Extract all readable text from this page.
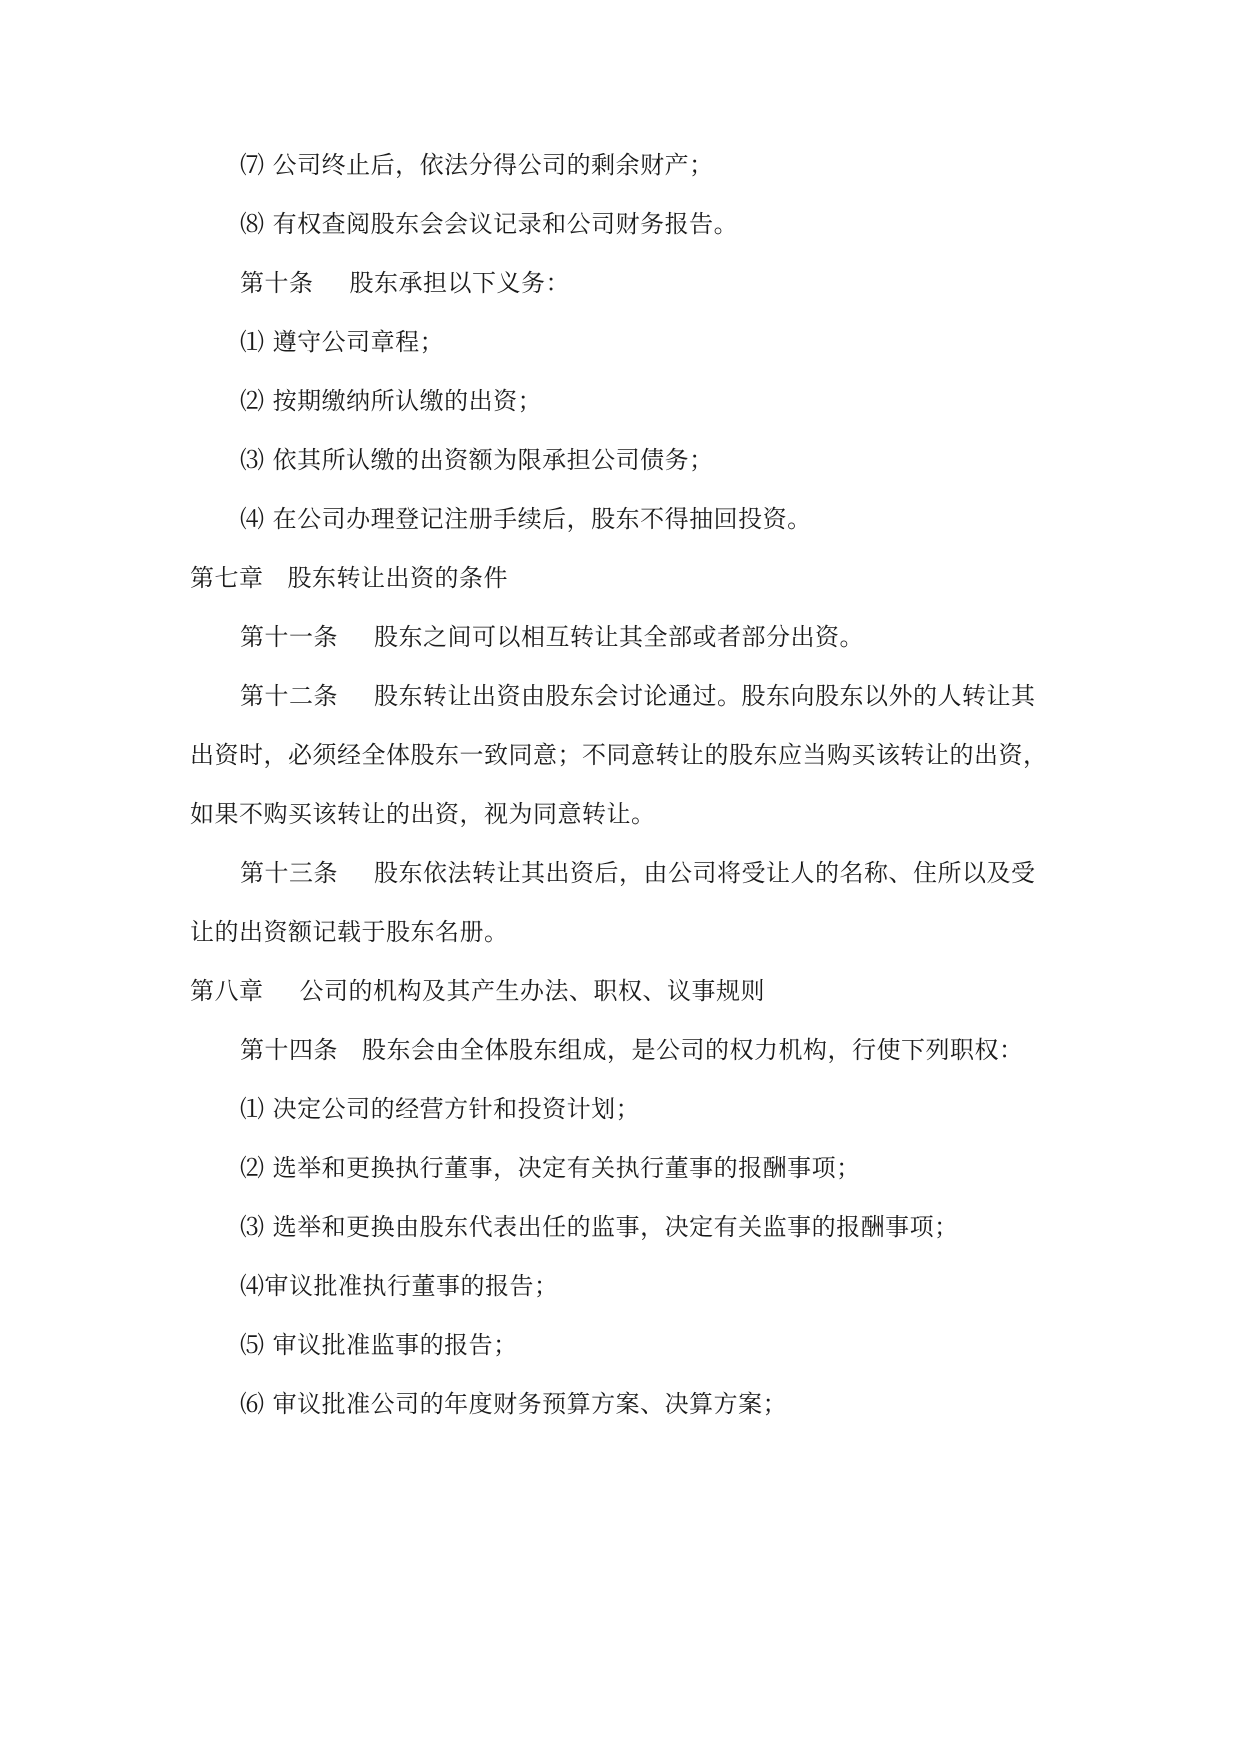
⑺ 公司终止后，依法分得公司的剩余财产；
⑻ 有权查阅股东会会议记录和公司财务报告。
第十条 股东承担以下义务：
⑴ 遵守公司章程；
⑵ 按期缴纳所认缴的出资；
⑶ 依其所认缴的出资额为限承担公司债务；
⑷ 在公司办理登记注册手续后，股东不得抽回投资。
第七章 股东转让出资的条件
第十一条 股东之间可以相互转让其全部或者部分出资。
第十二条 股东转让出资由股东会讨论通过。股东向股东以外的人转让其
出资时，必须经全体股东一致同意；不同意转让的股东应当购买该转让的出资，
如果不购买该转让的出资，视为同意转让。
第十三条 股东依法转让其出资后，由公司将受让人的名称、住所以及受
让的出资额记载于股东名册。
第八章 公司的机构及其产生办法、职权、议事规则
第十四条 股东会由全体股东组成，是公司的权力机构，行使下列职权：
⑴ 决定公司的经营方针和投资计划；
⑵ 选举和更换执行董事，决定有关执行董事的报酬事项；
⑶ 选举和更换由股东代表出任的监事，决定有关监事的报酬事项；
⑷审议批准执行董事的报告；
⑸ 审议批准监事的报告；
⑹ 审议批准公司的年度财务预算方案、决算方案；
